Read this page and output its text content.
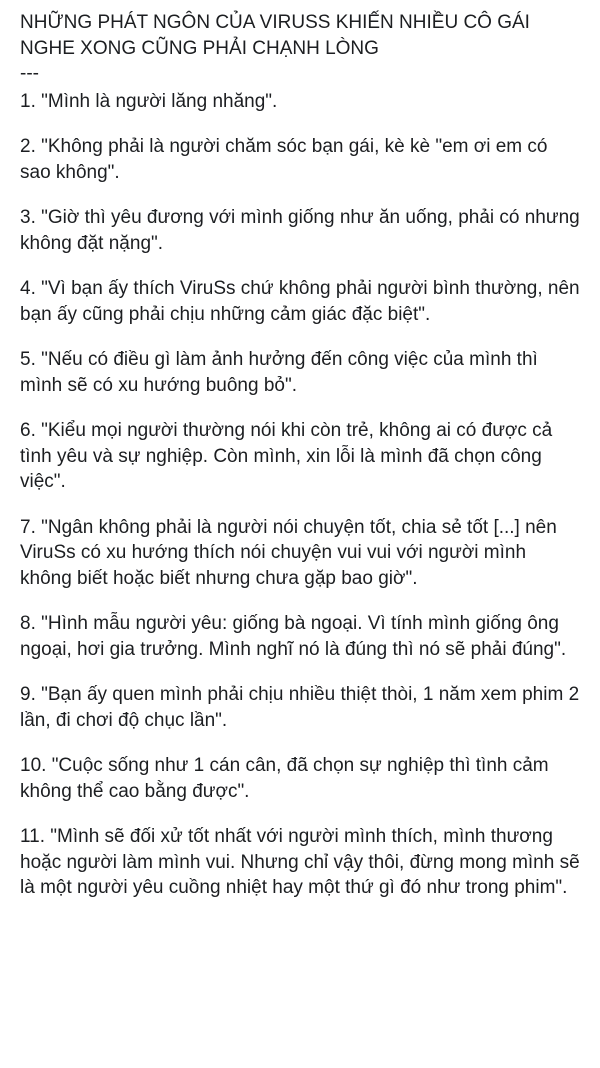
NHỮNG PHÁT NGÔN CỦA VIRUSS KHIẾN NHIỀU CÔ GÁI NGHE XONG CŨNG PHẢI CHẠNH LÒNG

---

1. "Mình là người lăng nhăng".

2. "Không phải là người chăm sóc bạn gái, kè kè "em ơi em có sao không".

3. "Giờ thì yêu đương với mình giống như ăn uống, phải có nhưng không đặt nặng".

4. "Vì bạn ấy thích ViruSs chứ không phải người bình thường, nên bạn ấy cũng phải chịu những cảm giác đặc biệt".

5. "Nếu có điều gì làm ảnh hưởng đến công việc của mình thì mình sẽ có xu hướng buông bỏ".

6. "Kiểu mọi người thường nói khi còn trẻ, không ai có được cả tình yêu và sự nghiệp. Còn mình, xin lỗi là mình đã chọn công việc".

7. "Ngân không phải là người nói chuyện tốt, chia sẻ tốt [...] nên ViruSs có xu hướng thích nói chuyện vui vui với người mình không biết hoặc biết nhưng chưa gặp bao giờ".

8. "Hình mẫu người yêu: giống bà ngoại. Vì tính mình giống ông ngoại, hơi gia trưởng. Mình nghĩ nó là đúng thì nó sẽ phải đúng".

9. "Bạn ấy quen mình phải chịu nhiều thiệt thòi, 1 năm xem phim 2 lần, đi chơi độ chục lần".

10. "Cuộc sống như 1 cán cân, đã chọn sự nghiệp thì tình cảm không thể cao bằng được".

11. "Mình sẽ đối xử tốt nhất với người mình thích, mình thương hoặc người làm mình vui. Nhưng chỉ vậy thôi, đừng mong mình sẽ là một người yêu cuồng nhiệt hay một thứ gì đó như trong phim".
